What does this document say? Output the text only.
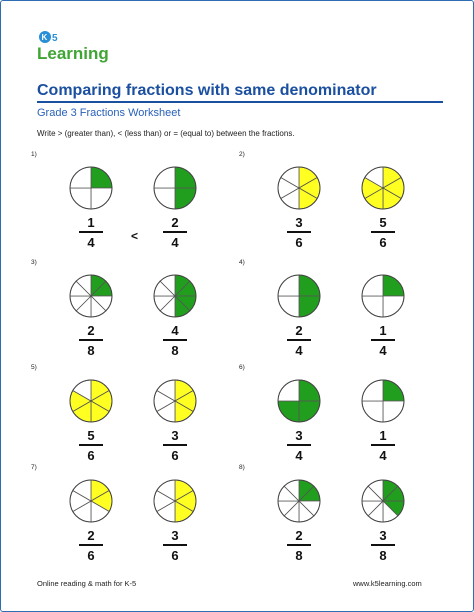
K 5
Learning
Comparing fractions with same denominator
Grade 3 Fractions Worksheet
Write > (greater than), < (less than) or = (equal to) between the fractions.
1)
1
4
2
4
<
2)
3
6
5
6
3)
2
8
4
8
4)
2
4
1
4
5)
5
6
3
6
6)
3
4
1
4
7)
2
6
3
6
8)
2
8
3
8
Online reading & math for K-5	www.k5learning.com
